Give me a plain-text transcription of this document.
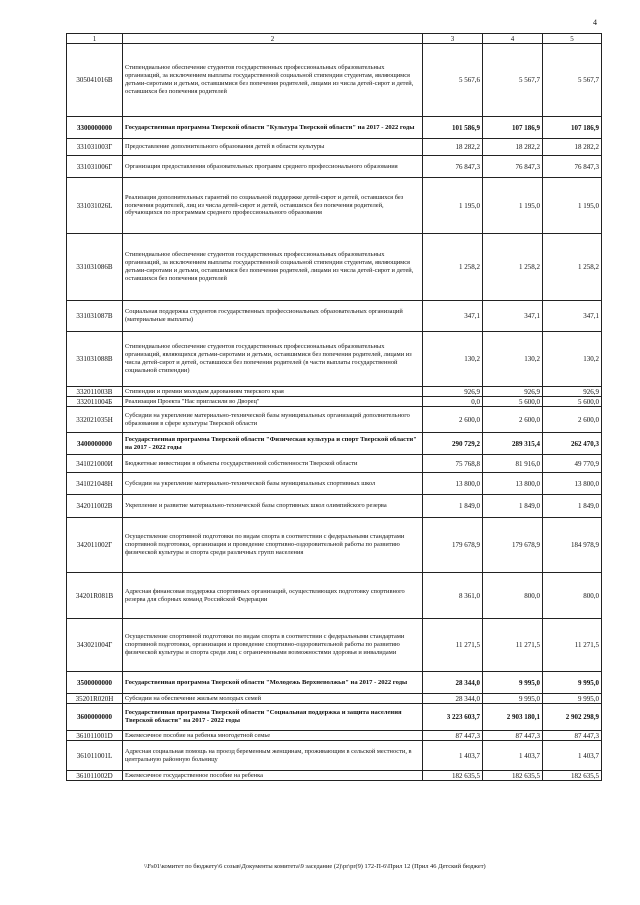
4
1	2	3	4	5
305041016В	Стипендиальное обеспечение студентов государственных профессиональных образовательных организаций, за исключением выплаты государственной социальной стипендии студентам, являющимся детьми-сиротами и детьми, оставшимися без попечения родителей, лицами из числа детей-сирот и детей, оставшихся без попечения родителей	5 567,6	5 567,7	5 567,7
3300000000	Государственная программа Тверской области "Культура Тверской области" на 2017 - 2022 годы	101 586,9	107 186,9	107 186,9
331031003Г	Предоставление дополнительного образования детей в области культуры	18 282,2	18 282,2	18 282,2
331031006Г	Организация предоставления образовательных программ среднего профессионального образования	76 847,3	76 847,3	76 847,3
331031026L	Реализация дополнительных гарантий по социальной поддержке детей-сирот и детей, оставшихся без попечения родителей, лиц из числа детей-сирот и детей, оставшихся без попечения родителей, обучающихся по программам среднего профессионального образования	1 195,0	1 195,0	1 195,0
331031086В	Стипендиальное обеспечение студентов государственных профессиональных образовательных организаций, за исключением выплаты государственной социальной стипендии студентам, являющимся детьми-сиротами и детьми, оставшимися без попечения родителей, лицами из числа детей-сирот и детей, оставшихся без попечения родителей	1 258,2	1 258,2	1 258,2
331031087В	Социальная поддержка студентов государственных профессиональных образовательных организаций (материальные выплаты)	347,1	347,1	347,1
331031088В	Стипендиальное обеспечение студентов государственных профессиональных образовательных организаций, являющихся детьми-сиротами и детьми, оставшимися без попечения родителей, лицами из числа детей-сирот и детей, оставшихся без попечения родителей (в части выплаты государственной социальной стипендии)	130,2	130,2	130,2
332011003В	Стипендии и премии молодым дарованиям тверского края	926,9	926,9	926,9
332011004Б	Реализация Проекта "Нас пригласили во Дворец"	0,0	5 600,0	5 600,0
332021035Н	Субсидии на укрепление материально-технической базы муниципальных организаций дополнительного образования в сфере культуры Тверской области	2 600,0	2 600,0	2 600,0
3400000000	Государственная программа Тверской области "Физическая культура и спорт Тверской области" на 2017 - 2022 годы	290 729,2	289 315,4	262 470,3
341021000И	Бюджетные инвестиции в объекты государственной собственности Тверской области	75 768,8	81 916,0	49 770,9
341021048Н	Субсидии на укрепление материально-технической базы муниципальных спортивных школ	13 800,0	13 800,0	13 800,0
342011002В	Укрепление и развитие материально-технической базы спортивных школ олимпийского резерва	1 849,0	1 849,0	1 849,0
342011002Г	Осуществление спортивной подготовки по видам спорта в соответствии с федеральными стандартами спортивной подготовки, организация и проведение спортивно-оздоровительной работы по развитию физической культуры и спорта среди различных групп населения	179 678,9	179 678,9	184 978,9
34201R081В	Адресная финансовая поддержка спортивных организаций, осуществляющих подготовку спортивного резерва для сборных команд Российской Федерации	8 361,0	800,0	800,0
343021004Г	Осуществление спортивной подготовки по видам спорта в соответствии с федеральными стандартами спортивной подготовки, организация и проведение спортивно-оздоровительной работы по развитию физической культуры и спорта среди лиц с ограниченными возможностями здоровья и инвалидами	11 271,5	11 271,5	11 271,5
3500000000	Государственная программа Тверской области "Молодежь Верхневолжья" на 2017 - 2022 годы	28 344,0	9 995,0	9 995,0
35201R020Н	Субсидии на обеспечение жильем молодых семей	28 344,0	9 995,0	9 995,0
3600000000	Государственная программа Тверской области "Социальная поддержка и защита населения Тверской области" на 2017 - 2022 годы	3 223 603,7	2 903 180,1	2 902 298,9
361011001D	Ежемесячное пособие на ребенка многодетной семье	87 447,3	87 447,3	87 447,3
361011001L	Адресная социальная помощь на проезд беременным женщинам, проживающим в сельской местности, в центральную районную больницу	1 403,7	1 403,7	1 403,7
361011002D	Ежемесячное государственное пособие на ребенка	182 635,5	182 635,5	182 635,5
\\Fs01\комитет по бюджету\6 созыв\Документы комитета\9 заседание (2)\pr\pr(9) 172-П-6\Прил 12 (Прил 46 Детский бюджет)
